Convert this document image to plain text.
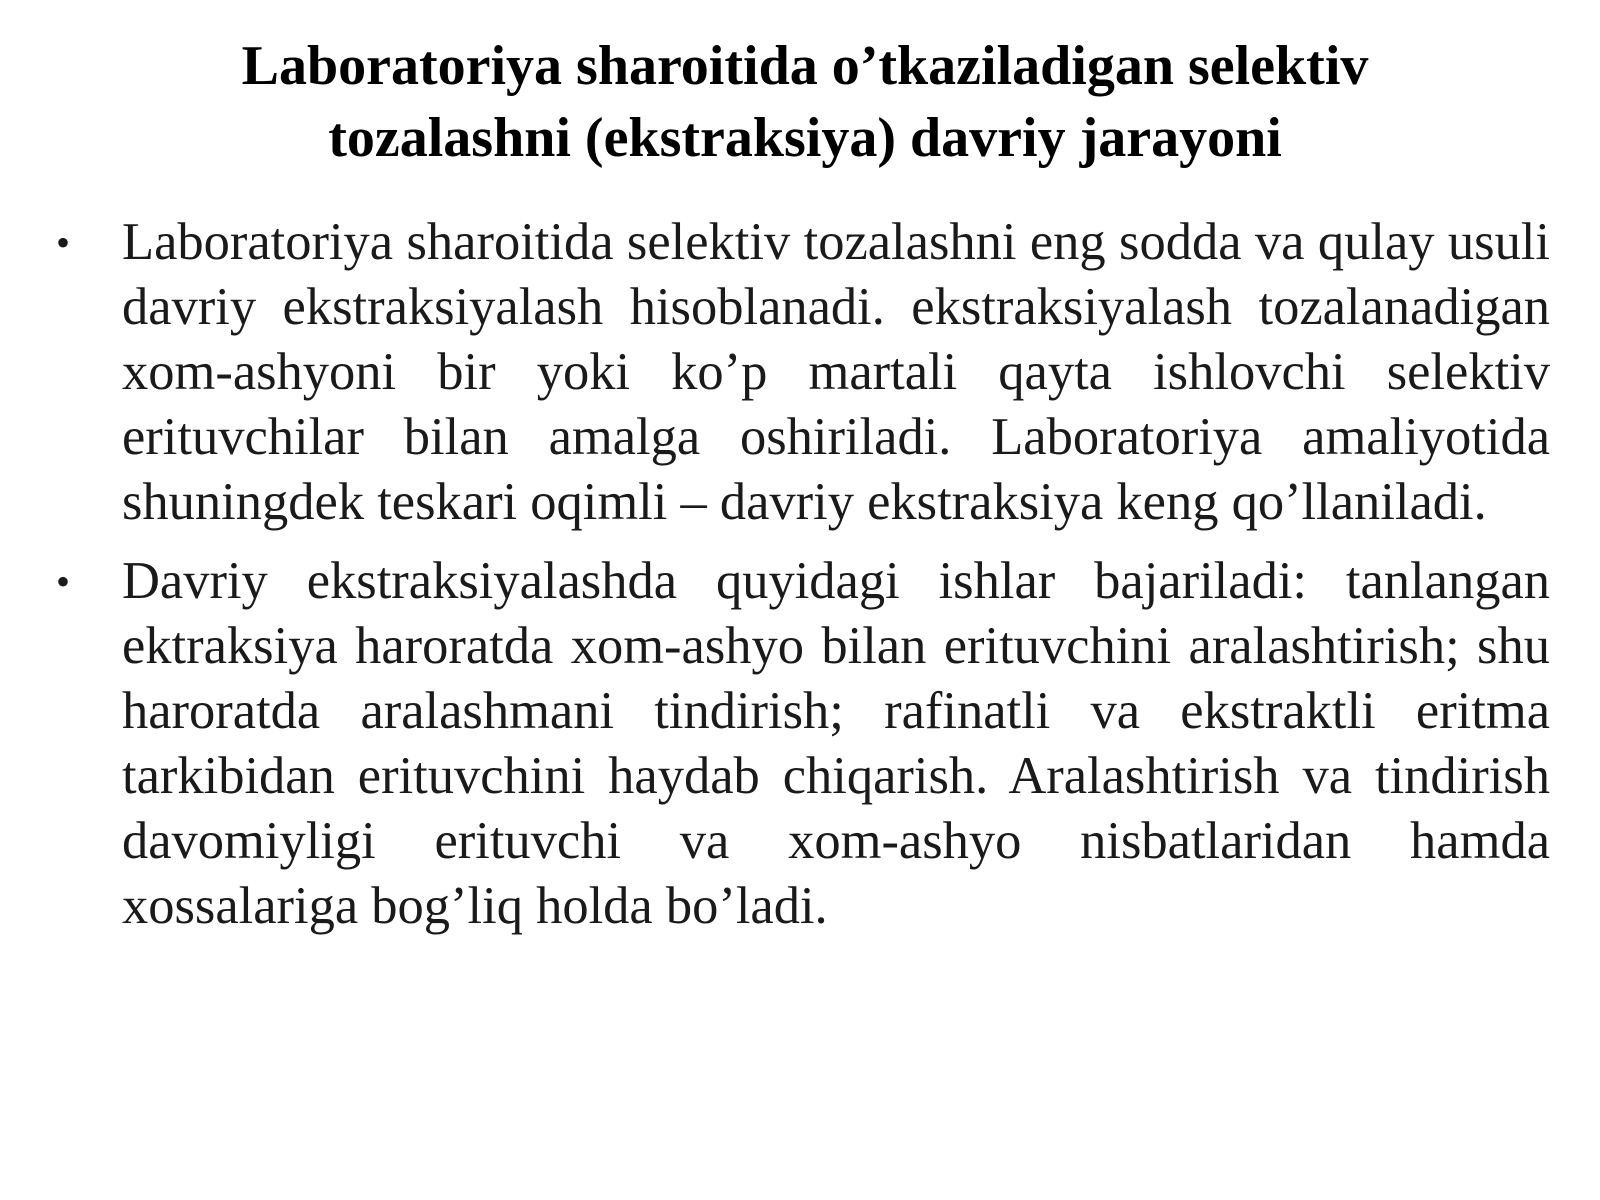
Laboratoriya sharoitida o’tkaziladigan selektiv
tozalashni (ekstraksiya) davriy jarayoni
• Laboratoriya sharoitida selektiv tozalashni eng sodda va qulay usuli davriy ekstraksiyalash hisoblanadi. ekstraksiyalash tozalanadigan xom-ashyoni bir yoki ko’p martali qayta ishlovchi selektiv erituvchilar bilan amalga oshiriladi. Laboratoriya amaliyotida shuningdek teskari oqimli – davriy ekstraksiya keng qo’llaniladi.
• Davriy ekstraksiyalashda quyidagi ishlar bajariladi: tanlangan ektraksiya haroratda xom-ashyo bilan erituvchini aralashtirish; shu haroratda aralashmani tindirish; rafinatli va ekstraktli eritma tarkibidan erituvchini haydab chiqarish. Aralashtirish va tindirish davomiyligi erituvchi va xom-ashyo nisbatlaridan hamda xossalariga bog’liq holda bo’ladi.
